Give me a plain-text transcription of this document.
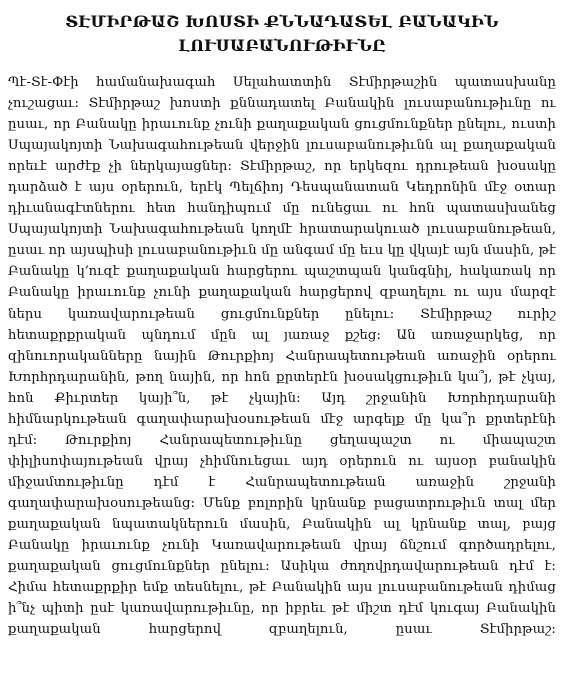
ՏԷՄԻՐԹԱՇ ԽՈՍՏԻ ՔՆՆԱԴԱՏԵԼ ԲԱՆԱԿԻՆ
ԼՈՒՍԱԲԱՆՈՒԹԻՒՆԸ

Պէ-Տէ-Փէի համանախագահ Սելահատտին Տէմիրթաշին պատասխանը չուշացաւ։ Տէմիրթաշ խոստի քննադատել Բանակին լուսաբանութիւնը ու ըսաւ, որ Բանակը իրաւունք չունի քաղաքական ցուցմունքներ ընելու, ուստի Սպայակոյտի Նախագահութեան վերջին լուսաբանութիւնն ալ քաղաքական որեւէ արժէք չի ներկայացներ։ Տէմիրթաշ, որ երկեզու դրութեան խօսակը դարձած է այս օրերուն, երէկ Պելճիոյ Դեսպանատան Կեդրոնին մէջ օտար դիւանագէտներու հետ հանդիպում մը ունեցաւ ու հոն պատասխանեց Սպայակոյտի Նախագահութեան կողմէ հրատարակուած լուսաբանութեան, ըսաւ որ այսպիսի լուսաբանութիւն մը անգամ մը եւս կը վկայէ այն մասին, թէ Բանակը կ՚ուզէ քաղաքական հարցերու պաշտպան կանգնիլ, հակառակ որ Բանակը իրաւունք չունի քաղաքական հարցերով զբաղելու ու այս մարզէ ներս կառավարութեան ցուցմունքներ ընելու։ Տէմիրթաշ ուրիշ հետաքրքրական պնդում մըն ալ յառաջ քշեց։ Ան առաջարկեց, որ զինուորականները նային Թուրքիոյ Հանրապետութեան առաջին օրերու Խորհրդարանին, թող նային, որ հոն քրտերէն խօսակցութիւն կա՞յ, թէ չկայ, հոն Քիւրտեր կայի՞ն, թէ չկային։ Այդ շրջանին Խորհրդարանի հիմնարկութեան գաղափարախօսութեան մէջ արգելք մը կա՞ր քրտերէնի դէմ։ Թուրքիոյ Հանրապետութիւնը ցեղապաշտ ու միապաշտ փիլիսոփայութեան վրայ չհիմնուեցաւ այդ օրերուն ու այսօր բանակին միջամտութիւնը դէմ է Հանրապետութեան առաջին շրջանի գաղափարախօսութեանց։ Մենք բոլորին կրնանք բացատրութիւն տալ մեր քաղաքական նպատակներուն մասին, Բանակին ալ կրնանք տալ, բայց Բանակը իրաւունք չունի Կառավարութեան վրայ ճնշում գործադրելու, քաղաքական ցուցմունքներ ընելու։ Ասիկա ժողովրդավարութեան դէմ է։ Հիմա հետաքրքիր եմք տեսնելու, թէ Բանակին այս լուսաբանութեան դիմաց ի՞նչ պիտի ըսէ կառավարութիւնը, որ իբրեւ թէ միշտ դէմ կուգայ Բանակին քաղաքական հարցերով զբաղելուն, ըսաւ Տէմիրթաշ։
